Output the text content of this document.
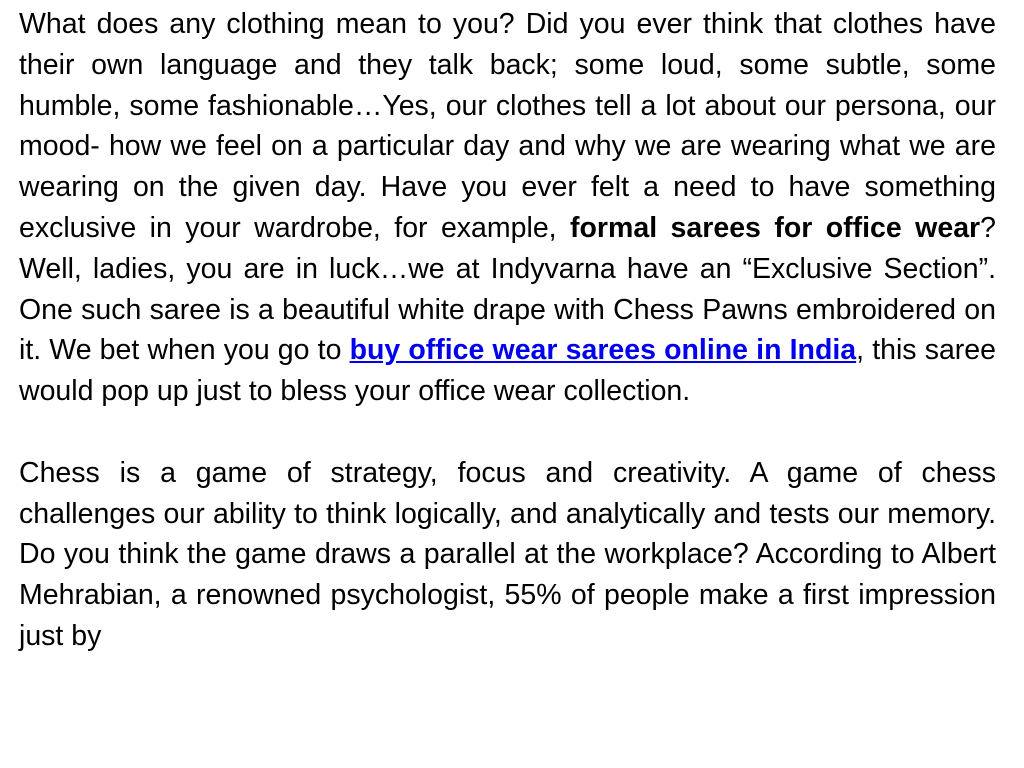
What does any clothing mean to you? Did you ever think that clothes have their own language and they talk back; some loud, some subtle, some humble, some fashionable…Yes, our clothes tell a lot about our persona, our mood- how we feel on a particular day and why we are wearing what we are wearing on the given day. Have you ever felt a need to have something exclusive in your wardrobe, for example, formal sarees for office wear? Well, ladies, you are in luck…we at Indyvarna have an “Exclusive Section”. One such saree is a beautiful white drape with Chess Pawns embroidered on it. We bet when you go to buy office wear sarees online in India, this saree would pop up just to bless your office wear collection.

Chess is a game of strategy, focus and creativity. A game of chess challenges our ability to think logically, and analytically and tests our memory. Do you think the game draws a parallel at the workplace? According to Albert Mehrabian, a renowned psychologist, 55% of people make a first impression just by
